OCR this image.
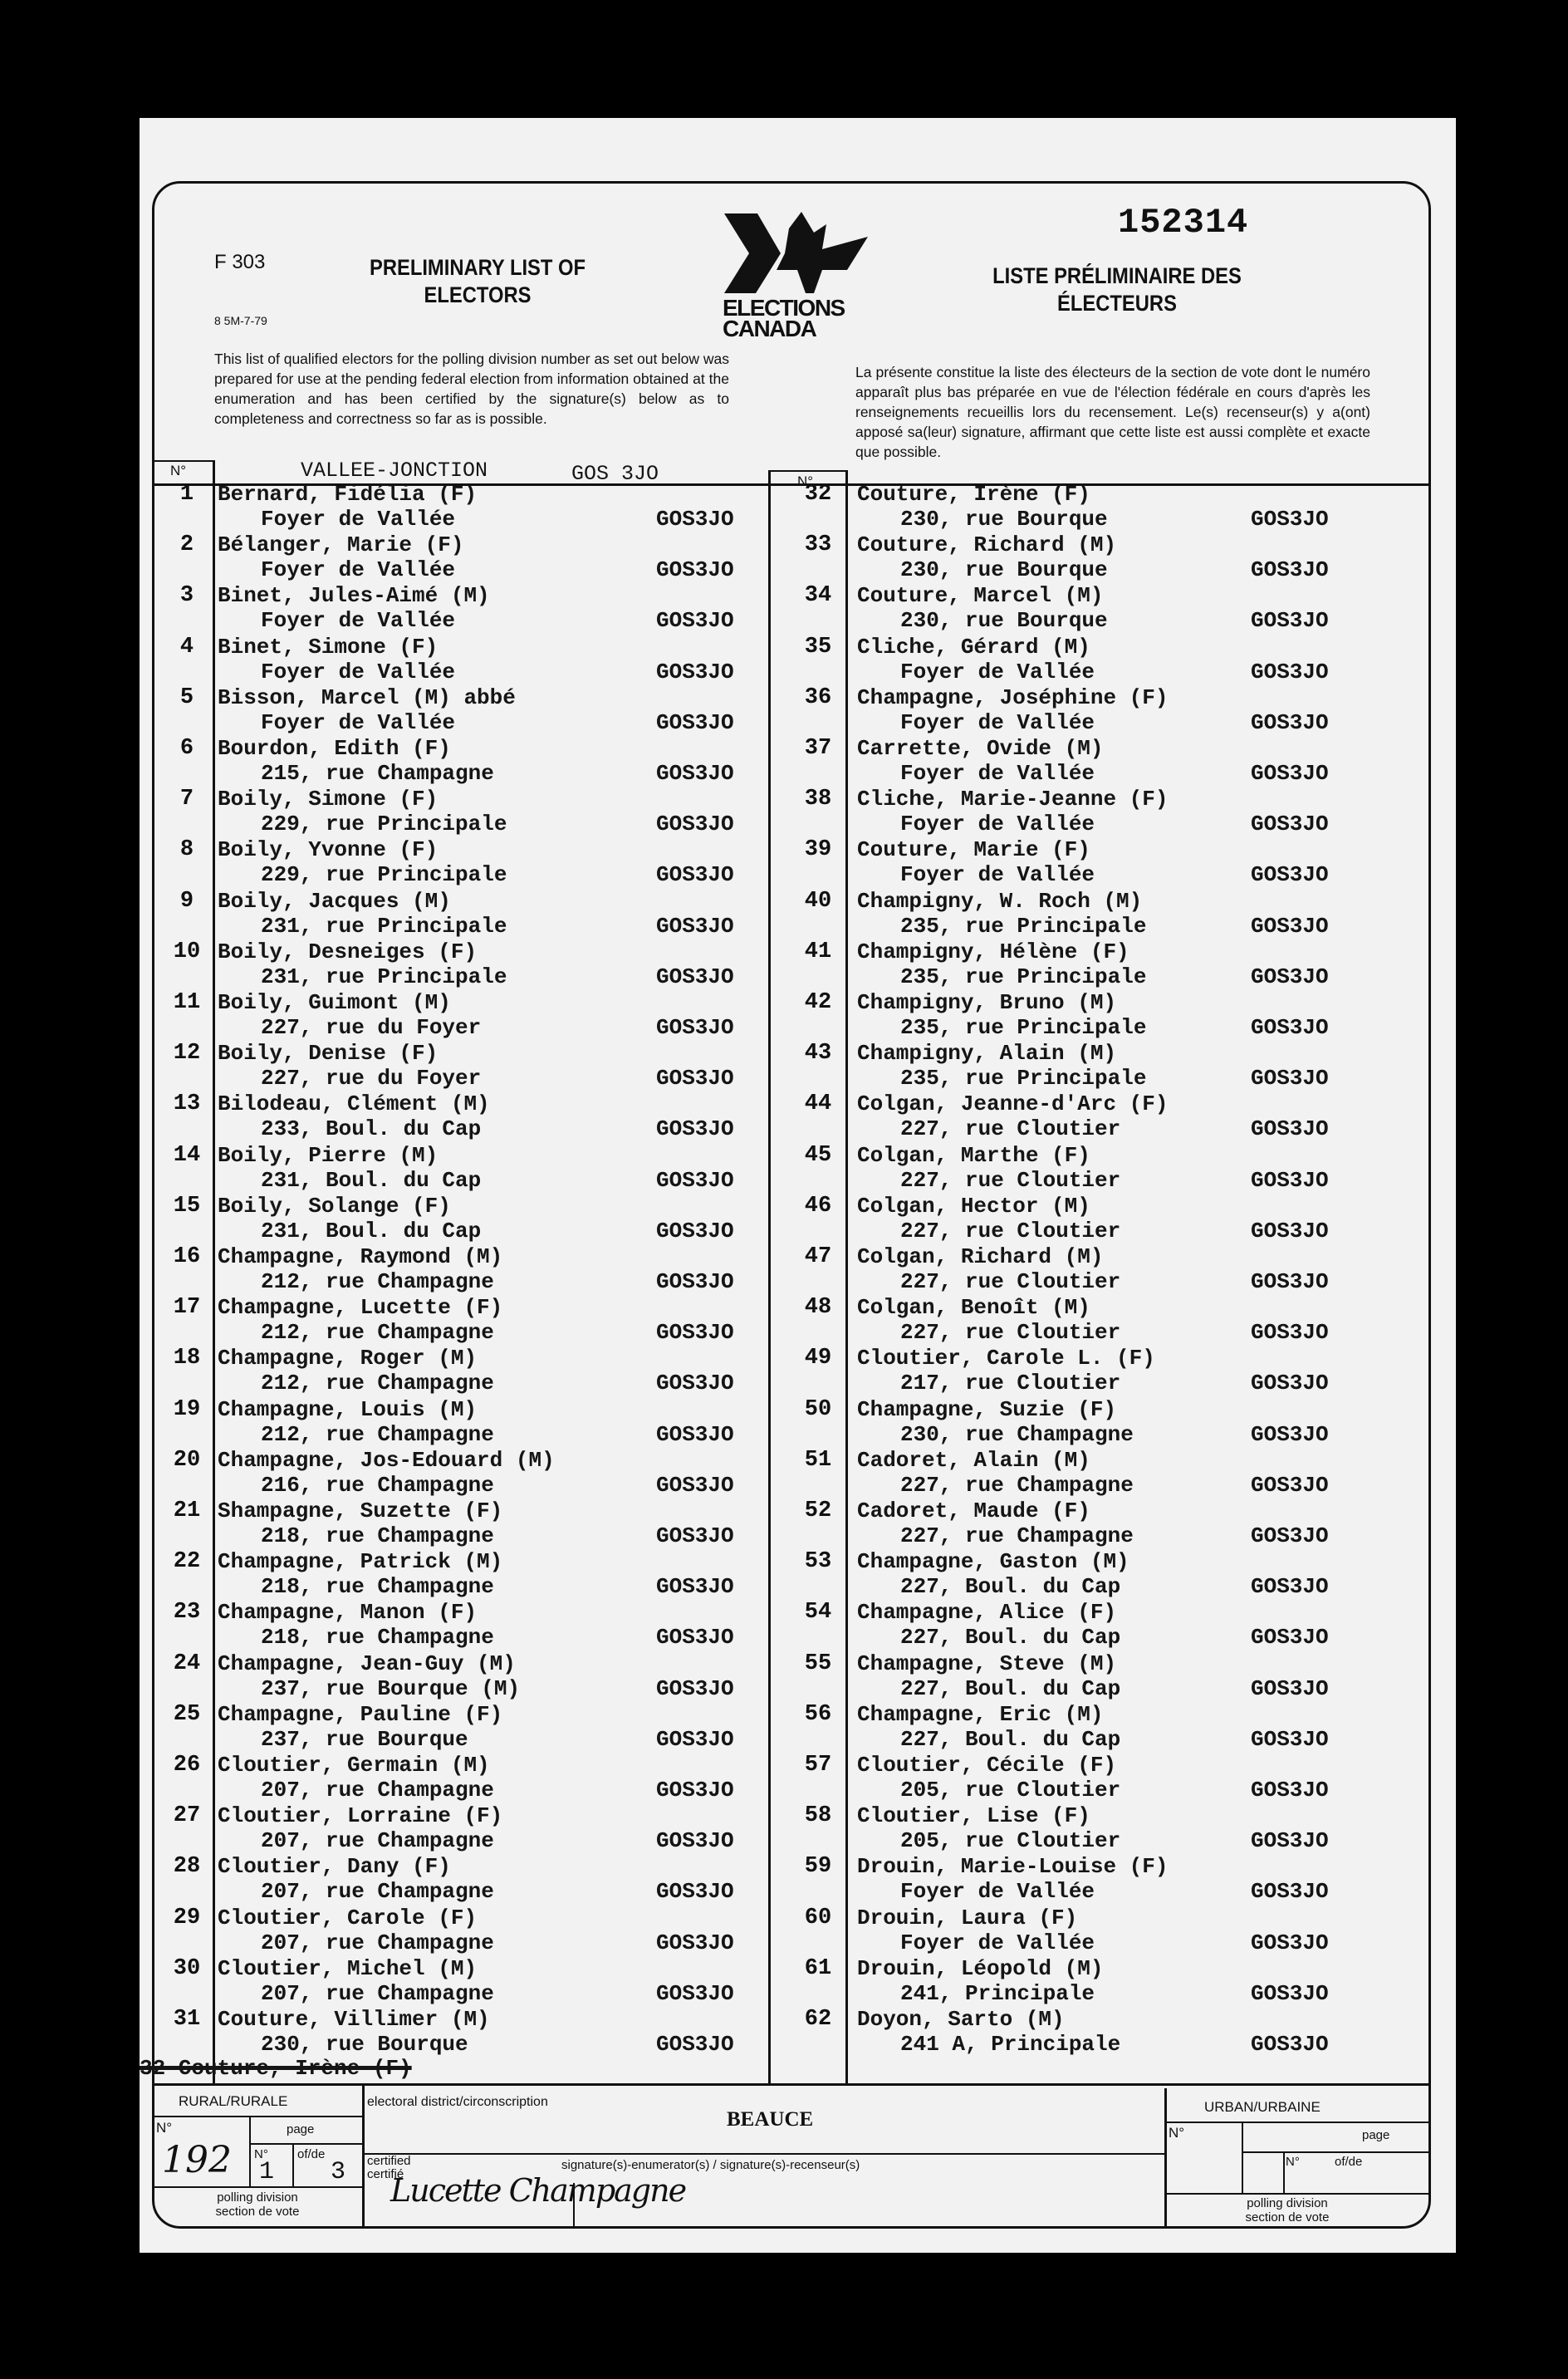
F 303
8 5M-7-79
PRELIMINARY LIST OF
ELECTORS	ELECTIONS
CANADA
152314
LISTE PRÉLIMINAIRE DES
ÉLECTEURS
This list of qualified electors for the polling division number as set out below was prepared for use at the pending federal election from information obtained at the enumeration and has been certified by the signature(s) below as to completeness and correctness so far as is possible.
La présente constitue la liste des électeurs de la section de vote dont le numéro apparaît plus bas préparée en vue de l'élection fédérale en cours d'après les renseignements recueillis lors du recensement. Le(s) recenseur(s) y a(ont) apposé sa(leur) signature, affirmant que cette liste est aussi complète et exacte que possible.
N°
N°
VALLEE-JONCTION	GOS 3JO
1	Bernard, Fidélia (F)
Foyer de Vallée	GOS3JO
2	Bélanger, Marie (F)
Foyer de Vallée	GOS3JO
3	Binet, Jules-Aimé (M)
Foyer de Vallée	GOS3JO
4	Binet, Simone (F)
Foyer de Vallée	GOS3JO
5	Bisson, Marcel (M) abbé
Foyer de Vallée	GOS3JO
6	Bourdon, Edith (F)
215, rue Champagne	GOS3JO
7	Boily, Simone (F)
229, rue Principale	GOS3JO
8	Boily, Yvonne (F)
229, rue Principale	GOS3JO
9	Boily, Jacques (M)
231, rue Principale	GOS3JO
10 Boily, Desneiges (F)
231, rue Principale	GOS3JO
11 Boily, Guimont (M)
227, rue du Foyer	GOS3JO
12 Boily, Denise (F)
227, rue du Foyer	GOS3JO
13 Bilodeau, Clément (M)
233, Boul. du Cap	GOS3JO
14 Boily, Pierre (M)
231, Boul. du Cap	GOS3JO
15 Boily, Solange (F)
231, Boul. du Cap	GOS3JO
16 Champagne, Raymond (M)
212, rue Champagne	GOS3JO
17 Champagne, Lucette (F)
212, rue Champagne	GOS3JO
18 Champagne, Roger (M)
212, rue Champagne	GOS3JO
19 Champagne, Louis (M)
212, rue Champagne	GOS3JO
20 Champagne, Jos-Edouard (M)
216, rue Champagne	GOS3JO
21 Shampagne, Suzette (F)
218, rue Champagne	GOS3JO
22 Champagne, Patrick (M)
218, rue Champagne	GOS3JO
23 Champagne, Manon (F)
218, rue Champagne	GOS3JO
24 Champagne, Jean-Guy (M)
237, rue Bourque (M)	GOS3JO
25 Champagne, Pauline (F)
237, rue Bourque	GOS3JO
26 Cloutier, Germain (M)
207, rue Champagne	GOS3JO
27 Cloutier, Lorraine (F)
207, rue Champagne	GOS3JO
28 Cloutier, Dany (F)
207, rue Champagne	GOS3JO
29 Cloutier, Carole (F)
207, rue Champagne	GOS3JO
30 Cloutier, Michel (M)
207, rue Champagne	GOS3JO
31 Couture, Villimer (M)
230, rue Bourque	GOS3JO
32	Couture, Irène (F)
230, rue Bourque	GOS3JO
33	Couture, Richard (M)
230, rue Bourque	GOS3JO
34	Couture, Marcel (M)
230, rue Bourque	GOS3JO
35	Cliche, Gérard (M)
Foyer de Vallée	GOS3JO
36	Champagne, Joséphine (F)
Foyer de Vallée	GOS3JO
37	Carrette, Ovide (M)
Foyer de Vallée	GOS3JO
38	Cliche, Marie-Jeanne (F)
Foyer de Vallée	GOS3JO
39	Couture, Marie (F)
Foyer de Vallée	GOS3JO
40	Champigny, W. Roch (M)
235, rue Principale	GOS3JO
41	Champigny, Hélène (F)
235, rue Principale	GOS3JO
42	Champigny, Bruno (M)
235, rue Principale	GOS3JO
43	Champigny, Alain (M)
235, rue Principale	GOS3JO
44	Colgan, Jeanne-d'Arc (F)
227, rue Cloutier	GOS3JO
45	Colgan, Marthe (F)
227, rue Cloutier	GOS3JO
46	Colgan, Hector (M)
227, rue Cloutier	GOS3JO
47	Colgan, Richard (M)
227, rue Cloutier	GOS3JO
48	Colgan, Benoît (M)
227, rue Cloutier	GOS3JO
49	Cloutier, Carole L. (F)
217, rue Cloutier	GOS3JO
50	Champagne, Suzie (F)
230, rue Champagne	GOS3JO
51	Cadoret, Alain (M)
227, rue Champagne	GOS3JO
52	Cadoret, Maude (F)
227, rue Champagne	GOS3JO
53	Champagne, Gaston (M)
227, Boul. du Cap	GOS3JO
54	Champagne, Alice (F)
227, Boul. du Cap	GOS3JO
55	Champagne, Steve (M)
227, Boul. du Cap	GOS3JO
56	Champagne, Eric (M)
227, Boul. du Cap	GOS3JO
57	Cloutier, Cécile (F)
205, rue Cloutier	GOS3JO
58	Cloutier, Lise (F)
205, rue Cloutier	GOS3JO
59	Drouin, Marie-Louise (F)
Foyer de Vallée	GOS3JO
60	Drouin, Laura (F)
Foyer de Vallée	GOS3JO
61	Drouin, Léopold (M)
241, Principale	GOS3JO
62	Doyon, Sarto (M)
241 A, Principale	GOS3JO
32 Couture, Irène (F)
RURAL/RURALE
N°	page
N° of/de
192 1 3
polling division
section de vote
electoral district/circonscription
BEAUCE
certified
certifié
signature(s)-enumerator(s) / signature(s)-recenseur(s)
Lucette Champagne
URBAN/URBAINE
N°	page
N°	of/de
polling division
section de vote
